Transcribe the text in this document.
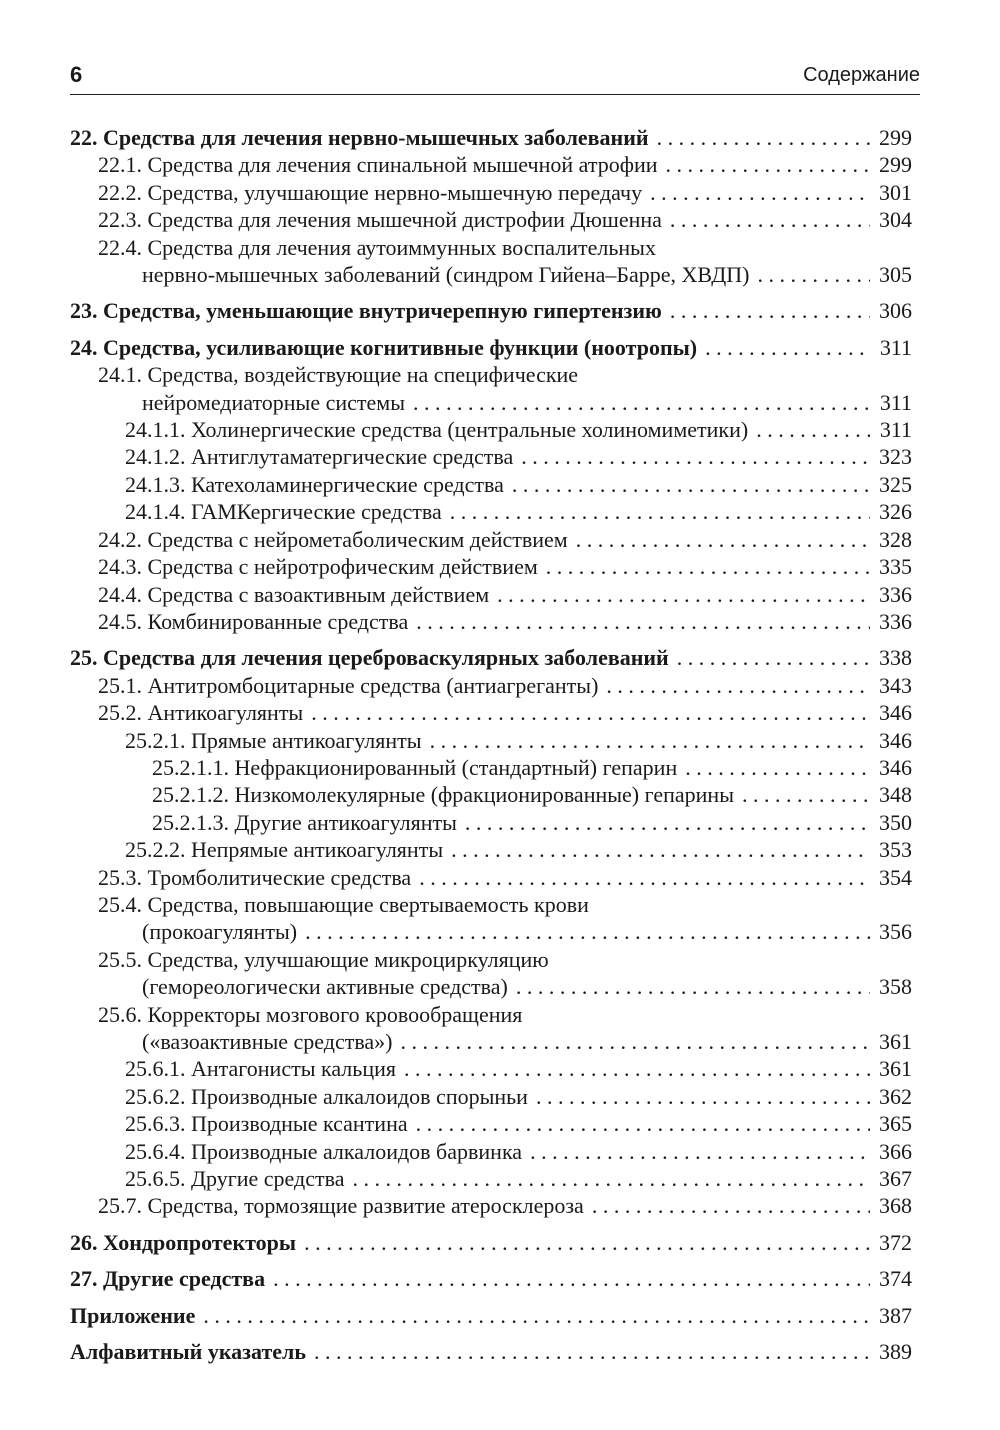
6	Содержание
22. Средства для лечения нервно-мышечных заболеваний . . .	299
22.1. Средства для лечения спинальной мышечной атрофии . . .	299
22.2. Средства, улучшающие нервно-мышечную передачу . . .	301
22.3. Средства для лечения мышечной дистрофии Дюшенна . . .	304
22.4. Средства для лечения аутоиммунных воспалительных
нервно-мышечных заболеваний (синдром Гийена–Барре, ХВДП) . . .	305
23. Средства, уменьшающие внутричерепную гипертензию . . .	306
24. Средства, усиливающие когнитивные функции (ноотропы) . . .	311
24.1. Средства, воздействующие на специфические
нейромедиаторные системы . . .	311
24.1.1. Холинергические средства (центральные холиномиметики) . . .	311
24.1.2. Антиглутаматергические средства . . .	323
24.1.3. Катехоламинергические средства . . .	325
24.1.4. ГАМКергические средства . . .	326
24.2. Средства с нейрометаболическим действием . . .	328
24.3. Средства с нейротрофическим действием . . .	335
24.4. Средства с вазоактивным действием . . .	336
24.5. Комбинированные средства . . .	336
25. Средства для лечения цереброваскулярных заболеваний . . .	338
25.1. Антитромбоцитарные средства (антиагреганты) . . .	343
25.2. Антикоагулянты . . .	346
25.2.1. Прямые антикоагулянты . . .	346
25.2.1.1. Нефракционированный (стандартный) гепарин . . .	346
25.2.1.2. Низкомолекулярные (фракционированные) гепарины . . .	348
25.2.1.3. Другие антикоагулянты . . .	350
25.2.2. Непрямые антикоагулянты . . .	353
25.3. Тромболитические средства . . .	354
25.4. Средства, повышающие свертываемость крови
(прокоагулянты) . . .	356
25.5. Средства, улучшающие микроциркуляцию
(гемореологически активные средства) . . .	358
25.6. Корректоры мозгового кровообращения
(«вазоактивные средства») . . .	361
25.6.1. Антагонисты кальция . . .	361
25.6.2. Производные алкалоидов спорыньи . . .	362
25.6.3. Производные ксантина . . .	365
25.6.4. Производные алкалоидов барвинка . . .	366
25.6.5. Другие средства . . .	367
25.7. Средства, тормозящие развитие атеросклероза . . .	368
26. Хондропротекторы . . .	372
27. Другие средства . . .	374
Приложение . . .	387
Алфавитный указатель . . .	389
